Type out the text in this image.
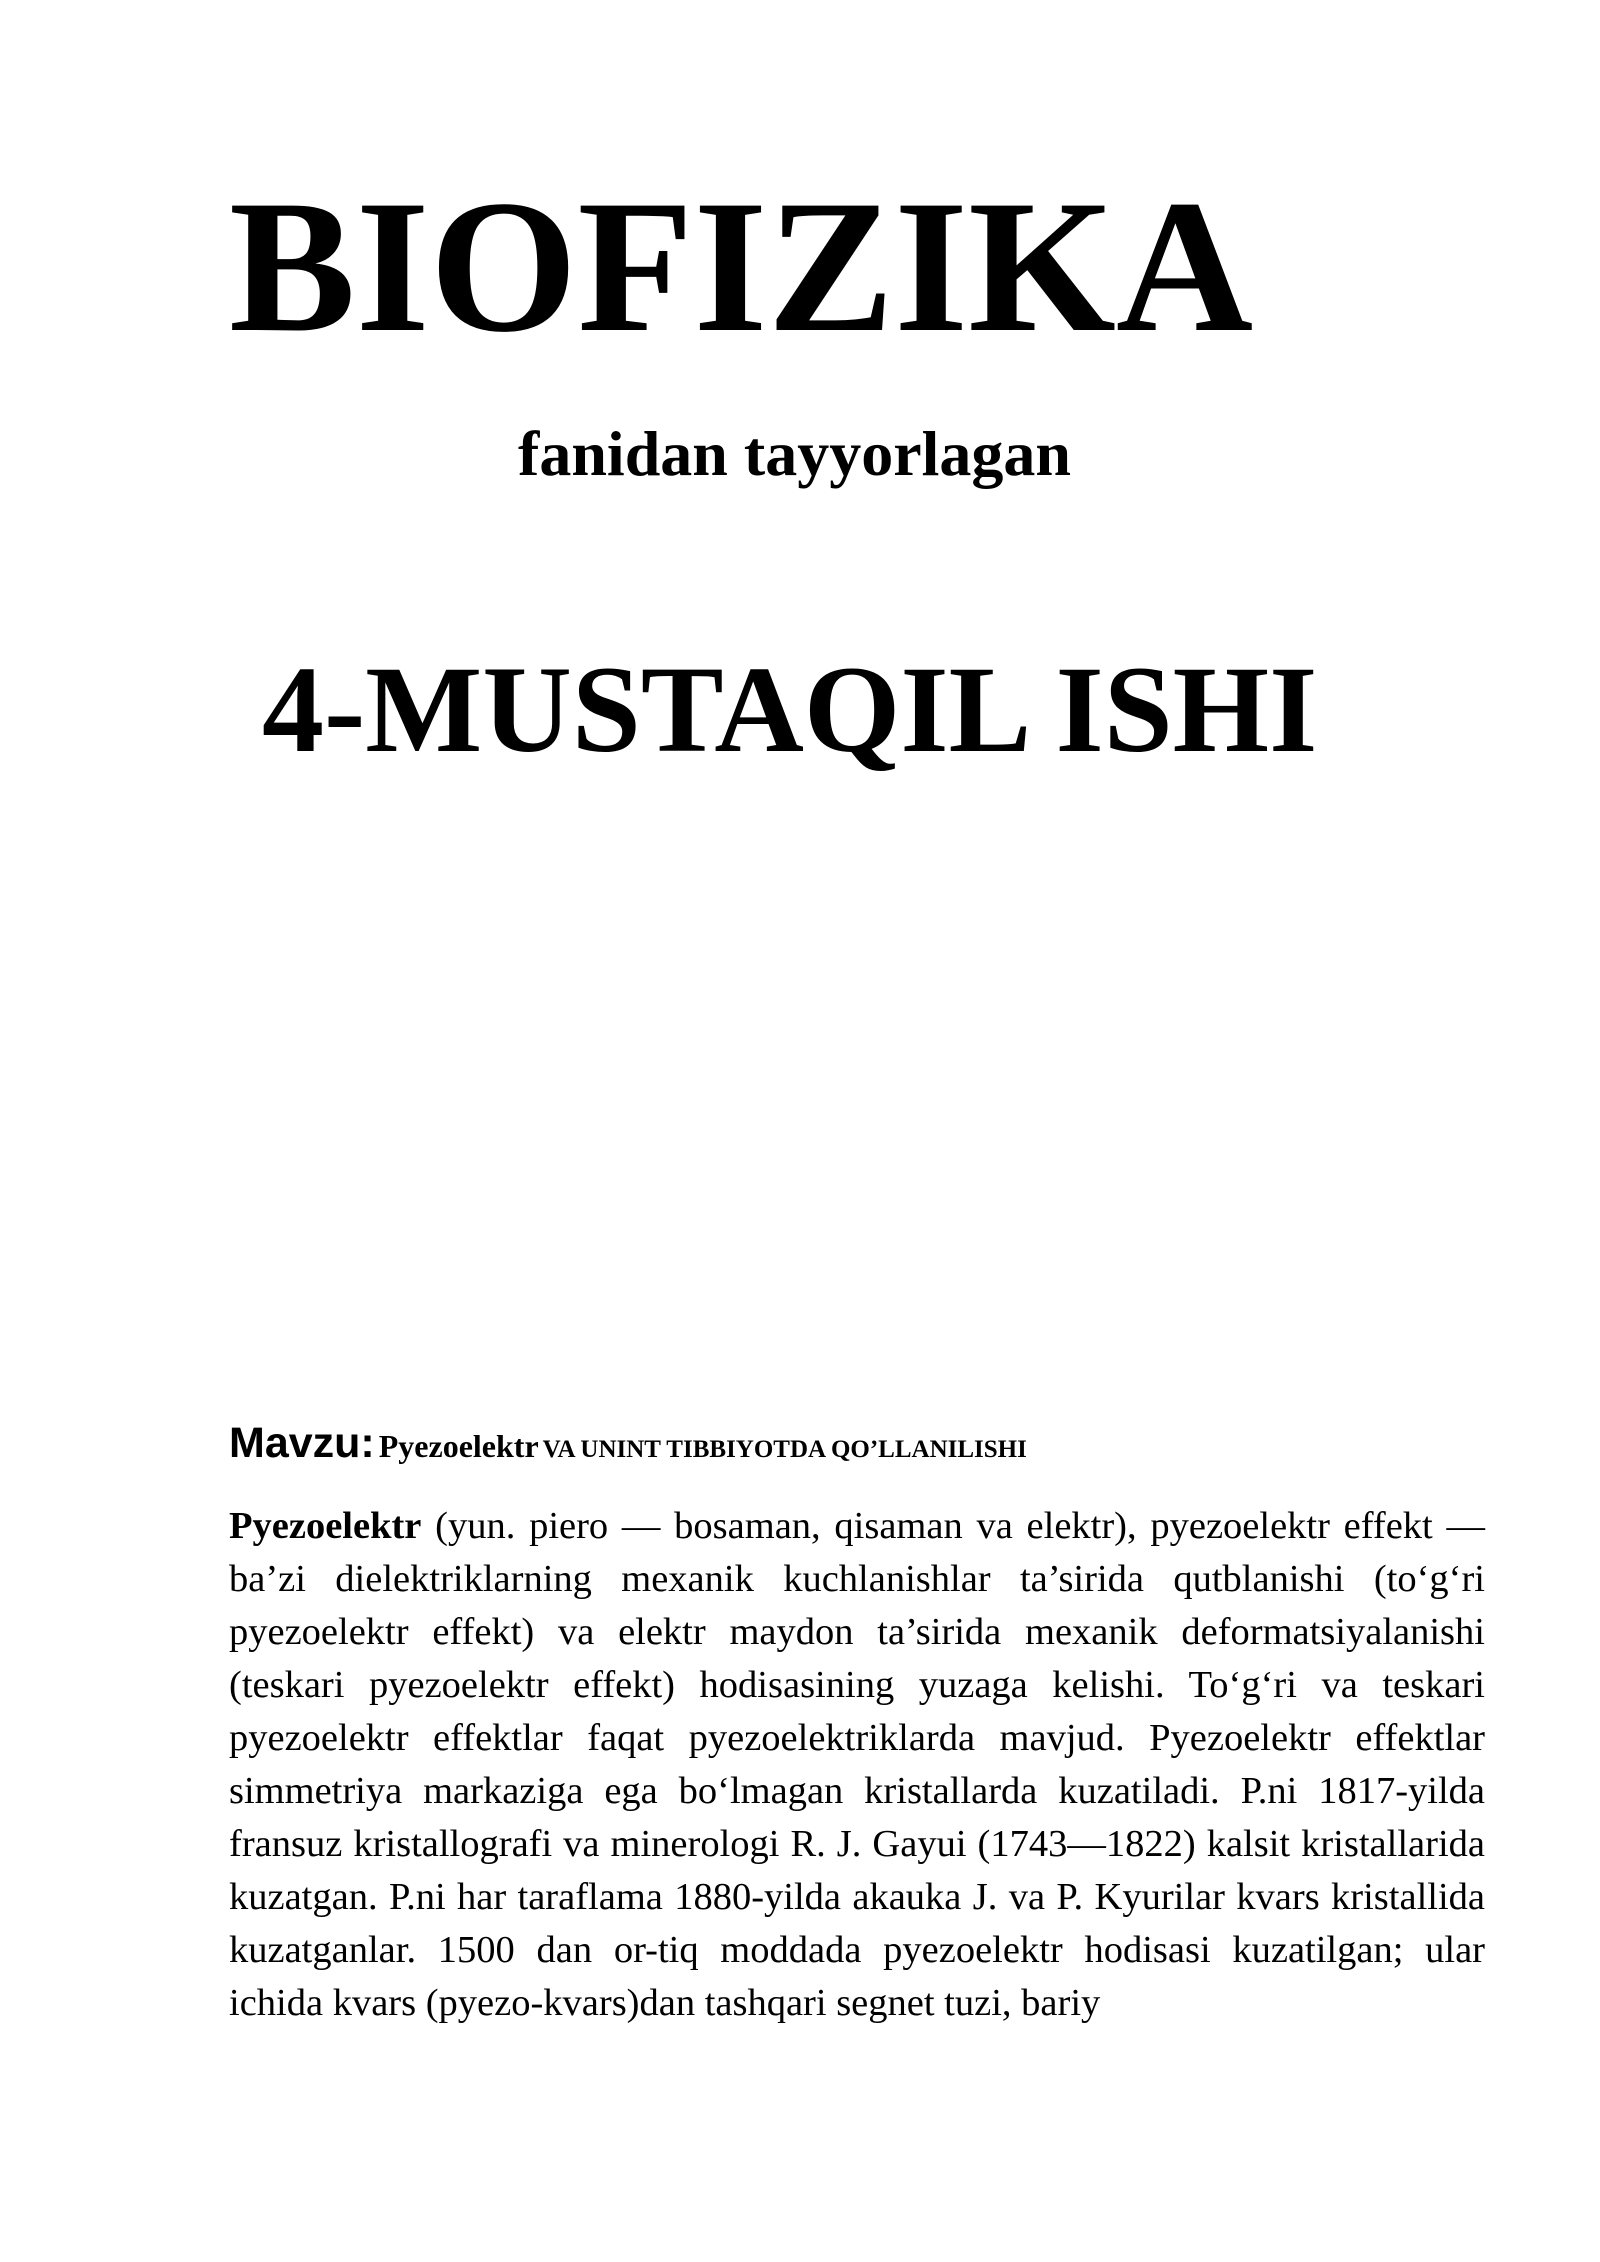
BIOFIZIKA
fanidan tayyorlagan
4-MUSTAQIL ISHI

Mavzu: Pyezoelektr VA UNINT TIBBIYOTDA QO’LLANILISHI

Pyezoelektr (yun. piero — bosaman, qisaman va elektr), pyezoelektr effekt — ba’zi dielektriklarning mexanik kuchlanishlar ta’sirida qutblanishi (to‘g‘ri pyezoelektr effekt) va elektr maydon ta’sirida mexanik deformatsiyalanishi (teskari pyezoelektr effekt) hodisasining yuzaga kelishi. To‘g‘ri va teskari pyezoelektr effektlar faqat pyezoelektriklarda mavjud. Pyezoelektr effektlar simmetriya markaziga ega bo‘lmagan kristallarda kuzatiladi. P.ni 1817-yilda fransuz kristallografi va minerologi R. J. Gayui (1743—1822) kalsit kristallarida kuzatgan. P.ni har taraflama 1880-yilda akauka J. va P. Kyurilar kvars kristallida kuzatganlar. 1500 dan or-tiq moddada pyezoelektr hodisasi kuzatilgan; ular ichida kvars (pyezo-kvars)dan tashqari segnet tuzi, bariy
